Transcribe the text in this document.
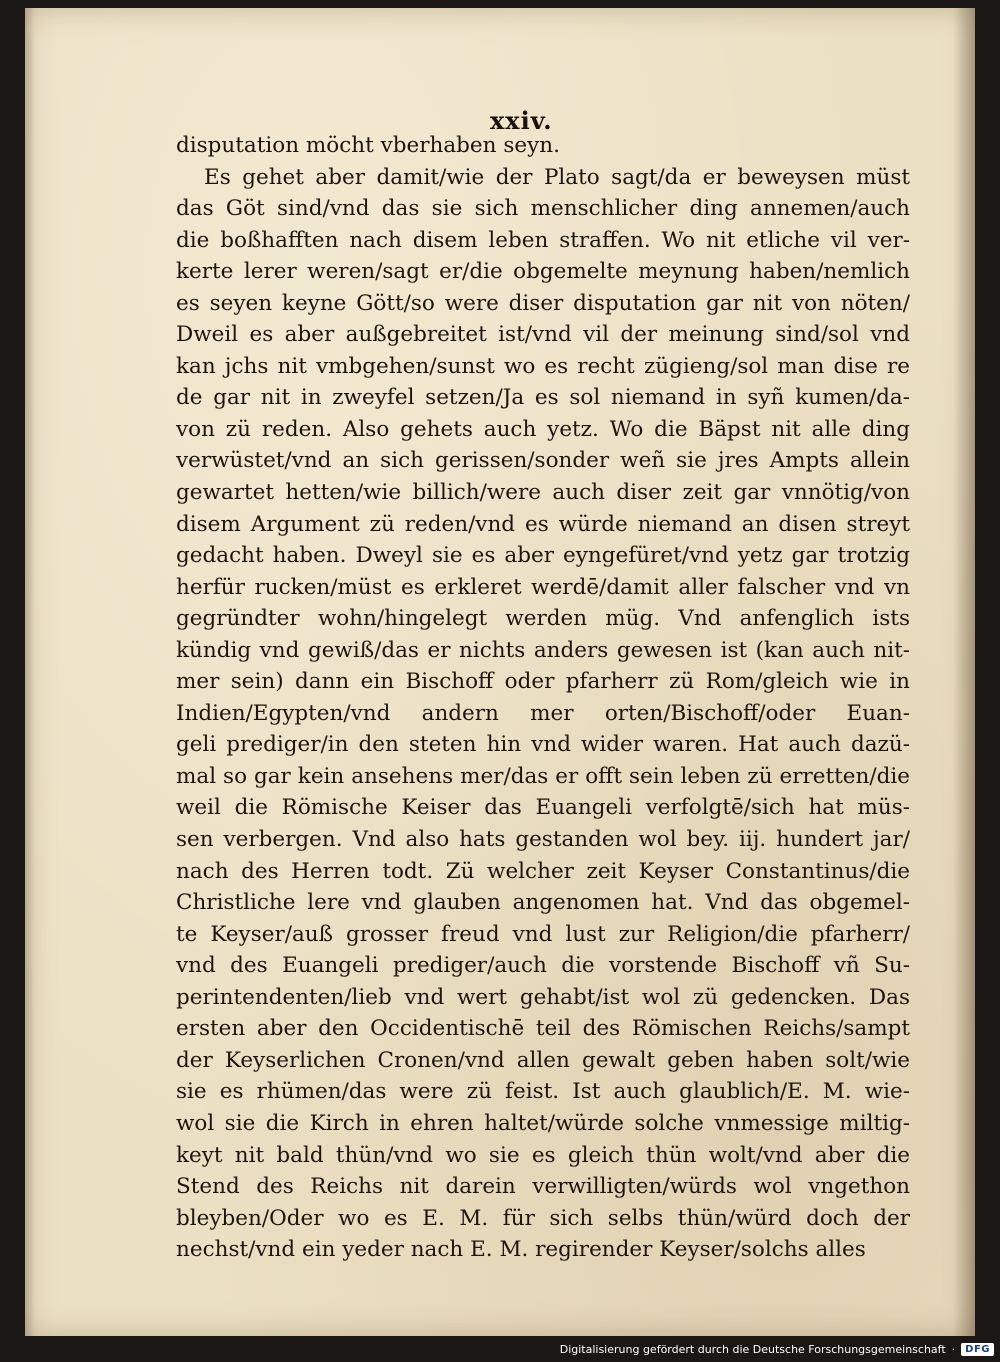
xxiv.
disputation möcht vberhaben seyn.
Es gehet aber damit/wie der Plato sagt/da er beweysen müst
das Göt sind/vnd das sie sich menschlicher ding annemen/auch
die boßhafften nach disem leben straffen. Wo nit etliche vil ver-
kerte lerer weren/sagt er/die obgemelte meynung haben/nemlich
es seyen keyne Gött/so were diser disputation gar nit von nöten/
Dweil es aber außgebreitet ist/vnd vil der meinung sind/sol vnd
kan jchs nit vmbgehen/sunst wo es recht zügieng/sol man dise re
de gar nit in zweyfel setzen/Ja es sol niemand in syñ kumen/da-
von zü reden. Also gehets auch yetz. Wo die Bäpst nit alle ding
verwüstet/vnd an sich gerissen/sonder weñ sie jres Ampts allein
gewartet hetten/wie billich/were auch diser zeit gar vnnötig/von
disem Argument zü reden/vnd es würde niemand an disen streyt
gedacht haben. Dweyl sie es aber eyngefüret/vnd yetz gar trotzig
herfür rucken/müst es erkleret werdē/damit aller falscher vnd vn
gegründter wohn/hingelegt werden müg. Vnd anfenglich ists
kündig vnd gewiß/das er nichts anders gewesen ist (kan auch nit-
mer sein) dann ein Bischoff oder pfarherr zü Rom/gleich wie in
Indien/Egypten/vnd andern mer orten/Bischoff/oder Euan-
geli prediger/in den steten hin vnd wider waren. Hat auch dazü-
mal so gar kein ansehens mer/das er offt sein leben zü erretten/die
weil die Römische Keiser das Euangeli verfolgtē/sich hat müs-
sen verbergen. Vnd also hats gestanden wol bey. iij. hundert jar/
nach des Herren todt. Zü welcher zeit Keyser Constantinus/die
Christliche lere vnd glauben angenomen hat. Vnd das obgemel-
te Keyser/auß grosser freud vnd lust zur Religion/die pfarherr/
vnd des Euangeli prediger/auch die vorstende Bischoff vñ Su-
perintendenten/lieb vnd wert gehabt/ist wol zü gedencken. Das
ersten aber den Occidentischē teil des Römischen Reichs/sampt
der Keyserlichen Cronen/vnd allen gewalt geben haben solt/wie
sie es rhümen/das were zü feist. Ist auch glaublich/E. M. wie-
wol sie die Kirch in ehren haltet/würde solche vnmessige miltig-
keyt nit bald thün/vnd wo sie es gleich thün wolt/vnd aber die
Stend des Reichs nit darein verwilligten/würds wol vngethon
bleyben/Oder wo es E. M. für sich selbs thün/würd doch der
nechst/vnd ein yeder nach E. M. regirender Keyser/solchs alles
Digitalisierung gefördert durch die Deutsche Forschungsgemeinschaft ·	DFG
